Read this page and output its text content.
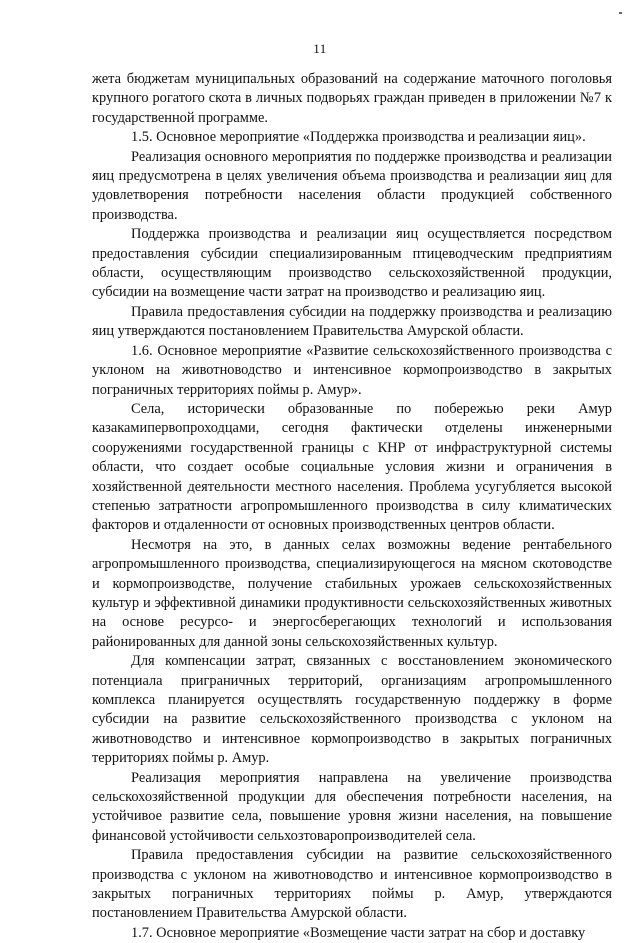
11

жета бюджетам муниципальных образований на содержание маточного поголовья крупного рогатого скота в личных подворьях граждан приведен в приложении №7 к государственной программе.

1.5. Основное мероприятие «Поддержка производства и реализации яиц».

Реализация основного мероприятия по поддержке производства и реализации яиц предусмотрена в целях увеличения объема производства и реализации яиц для удовлетворения потребности населения области продукцией собственного производства.

Поддержка производства и реализации яиц осуществляется посредством предоставления субсидии специализированным птицеводческим предприятиям области, осуществляющим производство сельскохозяйственной продукции, субсидии на возмещение части затрат на производство и реализацию яиц.

Правила предоставления субсидии на поддержку производства и реализацию яиц утверждаются постановлением Правительства Амурской области.

1.6. Основное мероприятие «Развитие сельскохозяйственного производства с уклоном на животноводство и интенсивное кормопроизводство в закрытых пограничных территориях поймы р. Амур».

Села, исторически образованные по побережью реки Амур казакамипервопроходцами, сегодня фактически отделены инженерными сооружениями государственной границы с КНР от инфраструктурной системы области, что создает особые социальные условия жизни и ограничения в хозяйственной деятельности местного населения. Проблема усугубляется высокой степенью затратности агропромышленного производства в силу климатических факторов и отдаленности от основных производственных центров области.

Несмотря на это, в данных селах возможны ведение рентабельного агропромышленного производства, специализирующегося на мясном скотоводстве и кормопроизводстве, получение стабильных урожаев сельскохозяйственных культур и эффективной динамики продуктивности сельскохозяйственных животных на основе ресурсо- и энергосберегающих технологий и использования районированных для данной зоны сельскохозяйственных культур.

Для компенсации затрат, связанных с восстановлением экономического потенциала приграничных территорий, организациям агропромышленного комплекса планируется осуществлять государственную поддержку в форме субсидии на развитие сельскохозяйственного производства с уклоном на животноводство и интенсивное кормопроизводство в закрытых пограничных территориях поймы р. Амур.

Реализация мероприятия направлена на увеличение производства сельскохозяйственной продукции для обеспечения потребности населения, на устойчивое развитие села, повышение уровня жизни населения, на повышение финансовой устойчивости сельхозтоваропроизводителей села.

Правила предоставления субсидии на развитие сельскохозяйственного производства с уклоном на животноводство и интенсивное кормопроизводство в закрытых пограничных территориях поймы р. Амур, утверждаются постановлением Правительства Амурской области.

1.7. Основное мероприятие «Возмещение части затрат на сбор и доставку
